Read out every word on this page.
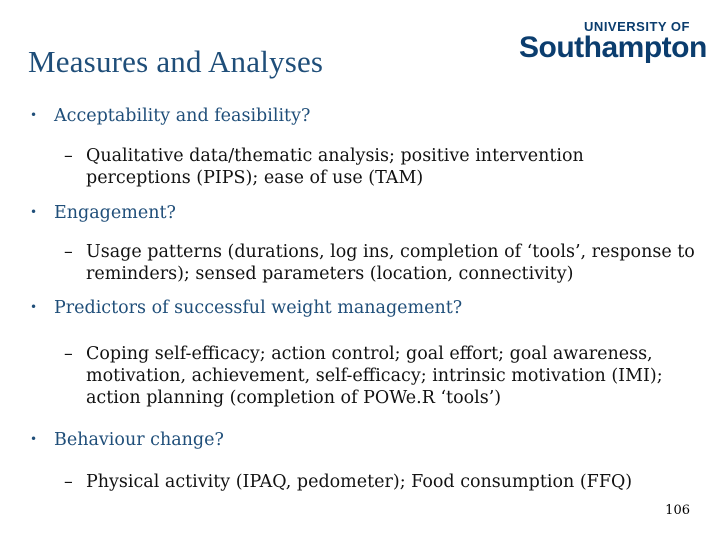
Measures and Analyses
UNIVERSITY OF
Southampton
• Acceptability and feasibility?
– Qualitative data/thematic analysis; positive intervention perceptions (PIPS); ease of use (TAM)
• Engagement?
– Usage patterns (durations, log ins, completion of ‘tools’, response to reminders); sensed parameters (location, connectivity)
• Predictors of successful weight management?
– Coping self-efficacy; action control; goal effort; goal awareness, motivation, achievement, self-efficacy; intrinsic motivation (IMI); action planning (completion of POWe.R ‘tools’)
• Behaviour change?
– Physical activity (IPAQ, pedometer); Food consumption (FFQ)
106
